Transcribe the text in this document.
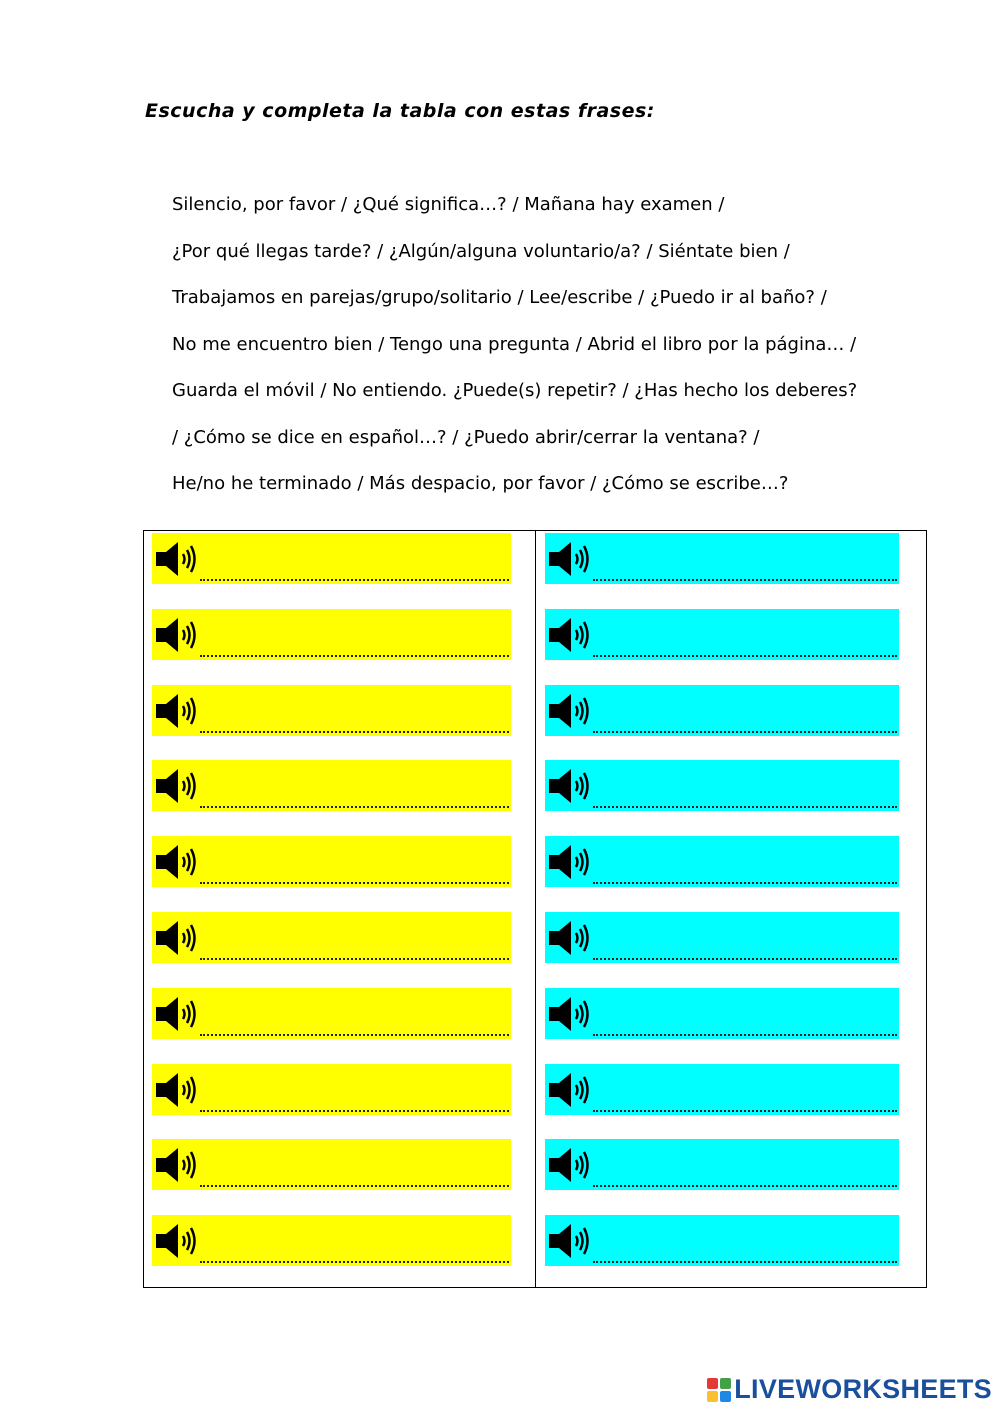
Escucha y completa la tabla con estas frases:
Silencio, por favor / ¿Qué significa…? / Mañana hay examen /
¿Por qué llegas tarde? / ¿Algún/alguna voluntario/a? / Siéntate bien /
Trabajamos en parejas/grupo/solitario / Lee/escribe / ¿Puedo ir al baño? /
No me encuentro bien / Tengo una pregunta / Abrid el libro por la página… /
Guarda el móvil / No entiendo. ¿Puede(s) repetir? / ¿Has hecho los deberes?
/ ¿Cómo se dice en español…? / ¿Puedo abrir/cerrar la ventana? /
He/no he terminado / Más despacio, por favor / ¿Cómo se escribe…?
LIVEWORKSHEETS
